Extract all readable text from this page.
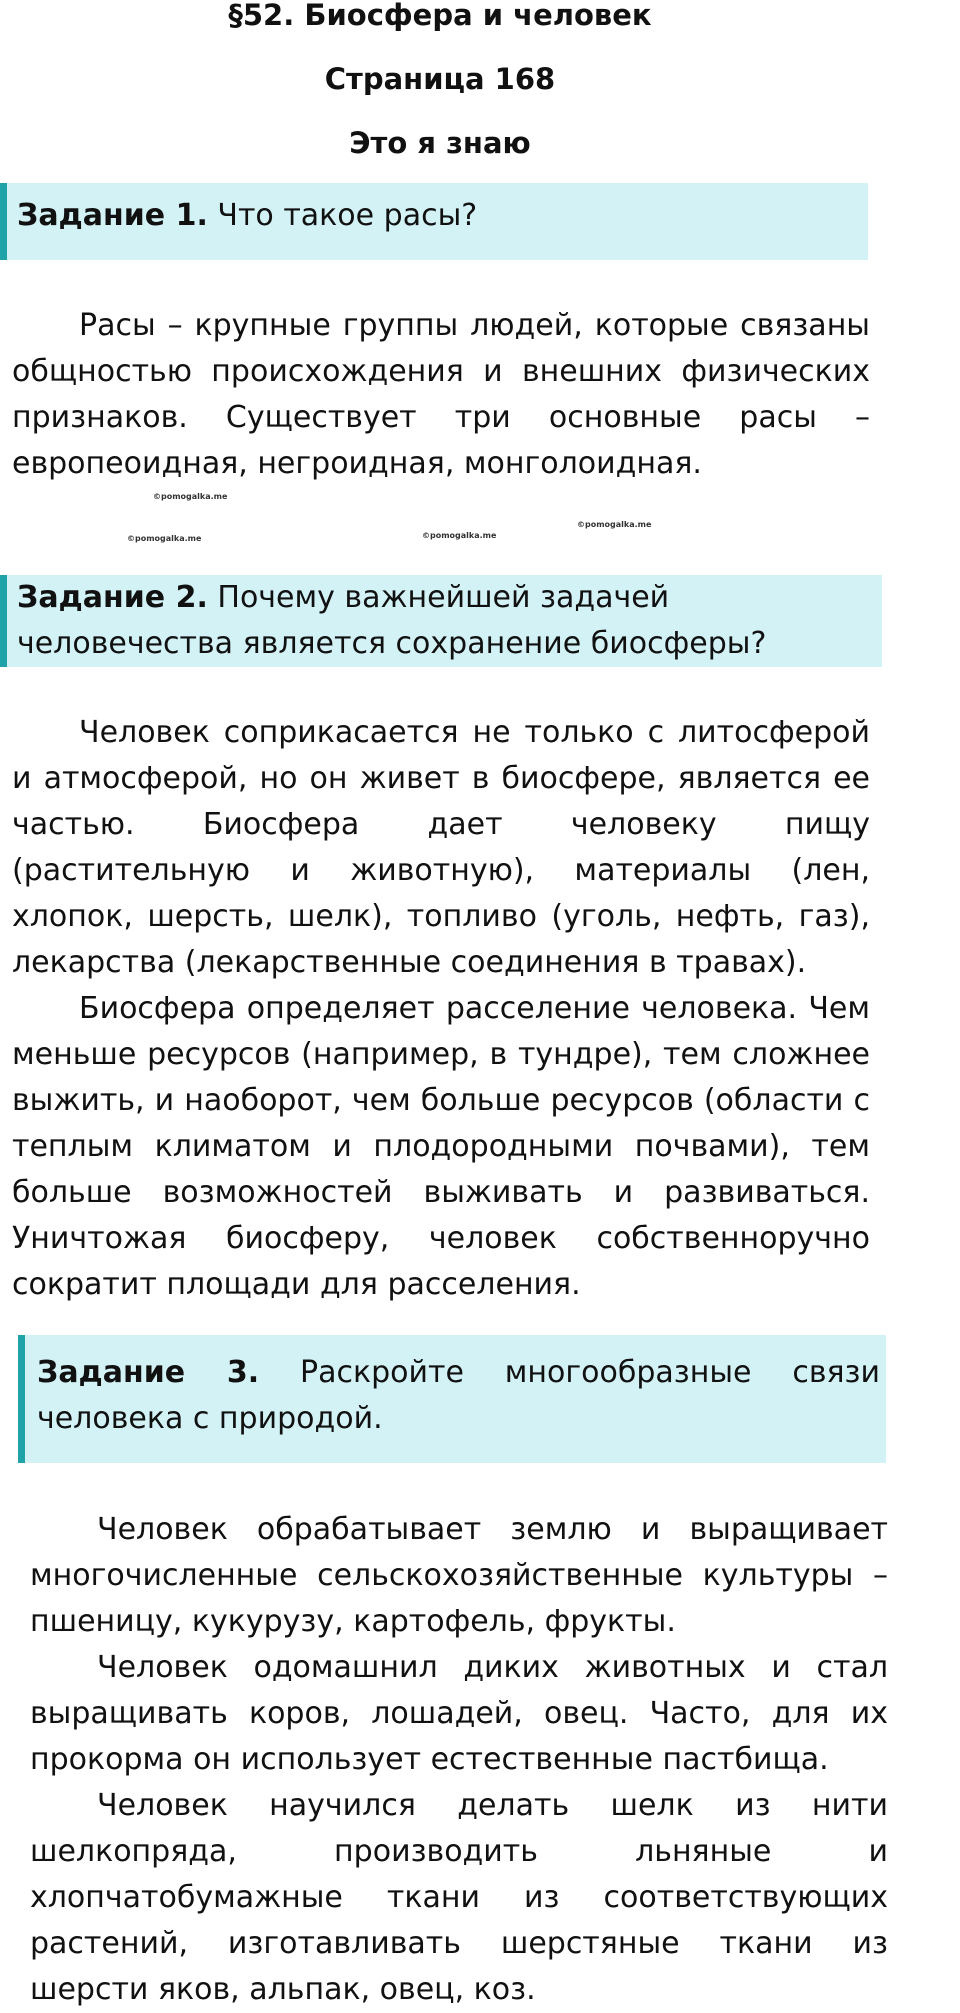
§52. Биосфера и человек
Страница 168
Это я знаю
Задание 1. Что такое расы?

Расы – крупные группы людей, которые связаны общностью происхождения и внешних физических признаков. Существует три основные расы – европеоидная, негроидная, монголоидная.

©pomogalka.me
©pomogalka.me	©pomogalka.me
©pomogalka.me
Задание 2. Почему важнейшей задачей человечества является сохранение биосферы?

Человек соприкасается не только с литосферой и атмосферой, но он живет в биосфере, является ее частью. Биосфера дает человеку пищу (растительную и животную), материалы (лен, хлопок, шерсть, шелк), топливо (уголь, нефть, газ), лекарства (лекарственные соединения в травах).

Биосфера определяет расселение человека. Чем меньше ресурсов (например, в тундре), тем сложнее выжить, и наоборот, чем больше ресурсов (области с теплым климатом и плодородными почвами), тем больше возможностей выживать и развиваться. Уничтожая биосферу, человек собственноручно сократит площади для расселения.

Задание 3. Раскройте многообразные связи человека с природой.

Человек обрабатывает землю и выращивает многочисленные сельскохозяйственные культуры – пшеницу, кукурузу, картофель, фрукты.

Человек одомашнил диких животных и стал выращивать коров, лошадей, овец. Часто, для их прокорма он использует естественные пастбища.

Человек научился делать шелк из нити шелкопряда, производить льняные и хлопчатобумажные ткани из соответствующих растений, изготавливать шерстяные ткани из шерсти яков, альпак, овец, коз.
